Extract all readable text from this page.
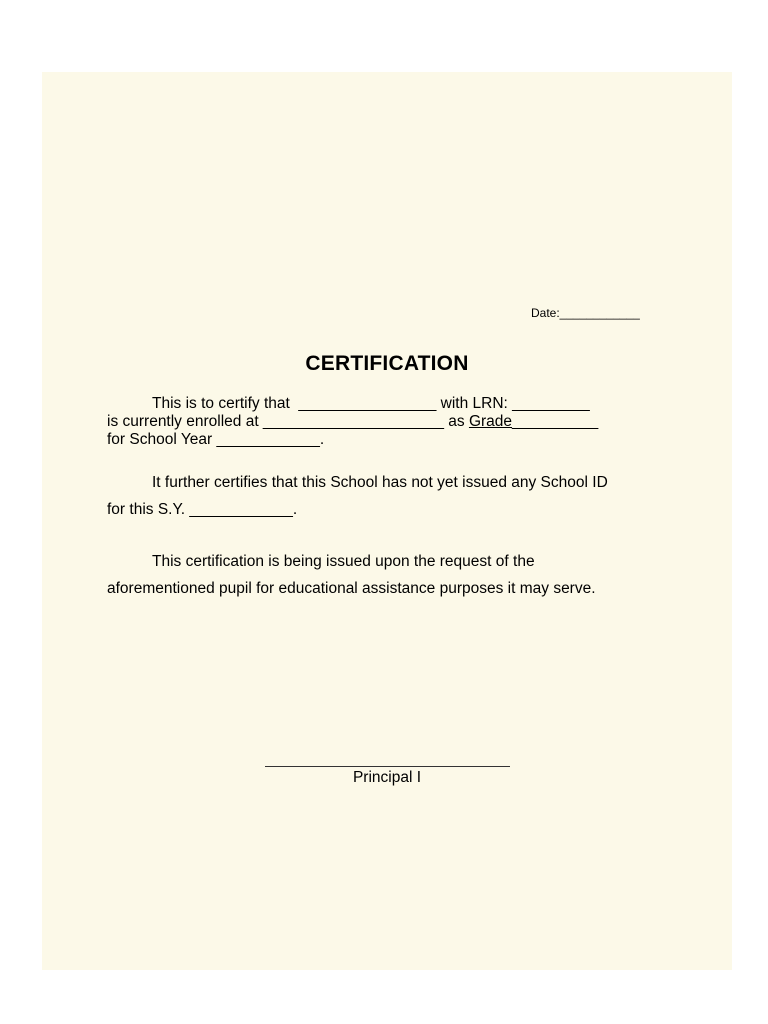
Date:____________
CERTIFICATION
This is to certify that  ________________ with LRN: _________
is currently enrolled at _____________________ as Grade__________
for School Year ____________.
It further certifies that this School has not yet issued any School ID
for this S.Y. ____________.
This certification is being issued upon the request of the
aforementioned pupil for educational assistance purposes it may serve.
Principal I
